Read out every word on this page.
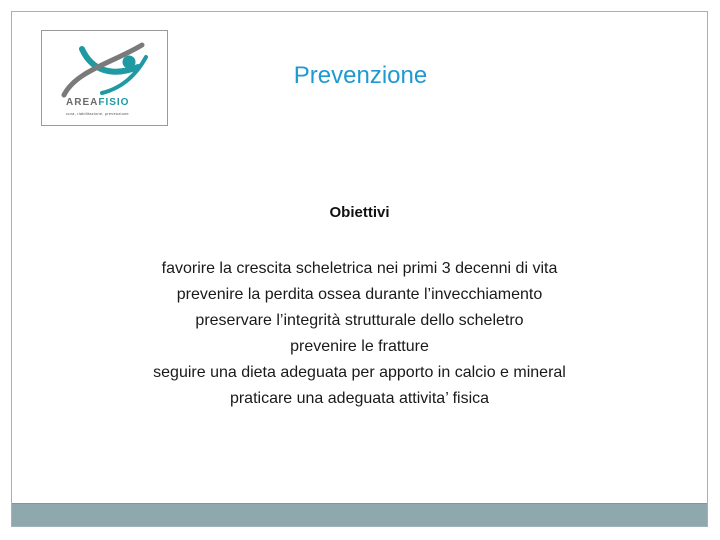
AREAFISIO
cura, riabilitazione, prevenzione
Prevenzione
Obiettivi
favorire la crescita scheletrica nei primi 3 decenni di vita
prevenire la perdita ossea durante l’invecchiamento
preservare l’integrità strutturale dello scheletro
prevenire le fratture
seguire una dieta adeguata per apporto in calcio e mineral
praticare una adeguata attivita’ fisica
